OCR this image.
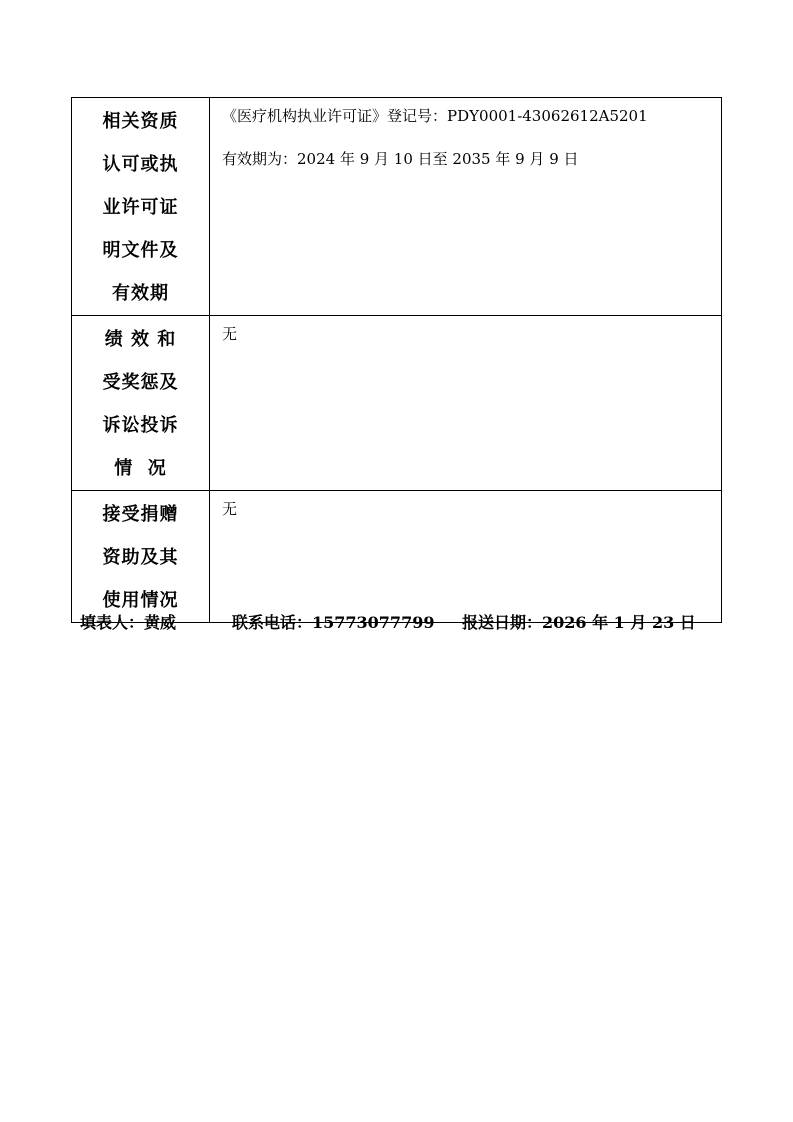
相关资质
认可或执
业许可证
明文件及
有效期	《医疗机构执业许可证》登记号：PDY0001-43062612A5201
有效期为：2024 年 9 月 10 日至 2035 年 9 月 9 日

绩 效 和
受奖惩及
诉讼投诉
情  况	无

接受捐赠
资助及其
使用情况	无
填表人：黄威	联系电话：15773077799	报送日期：2026 年 1 月 23 日
